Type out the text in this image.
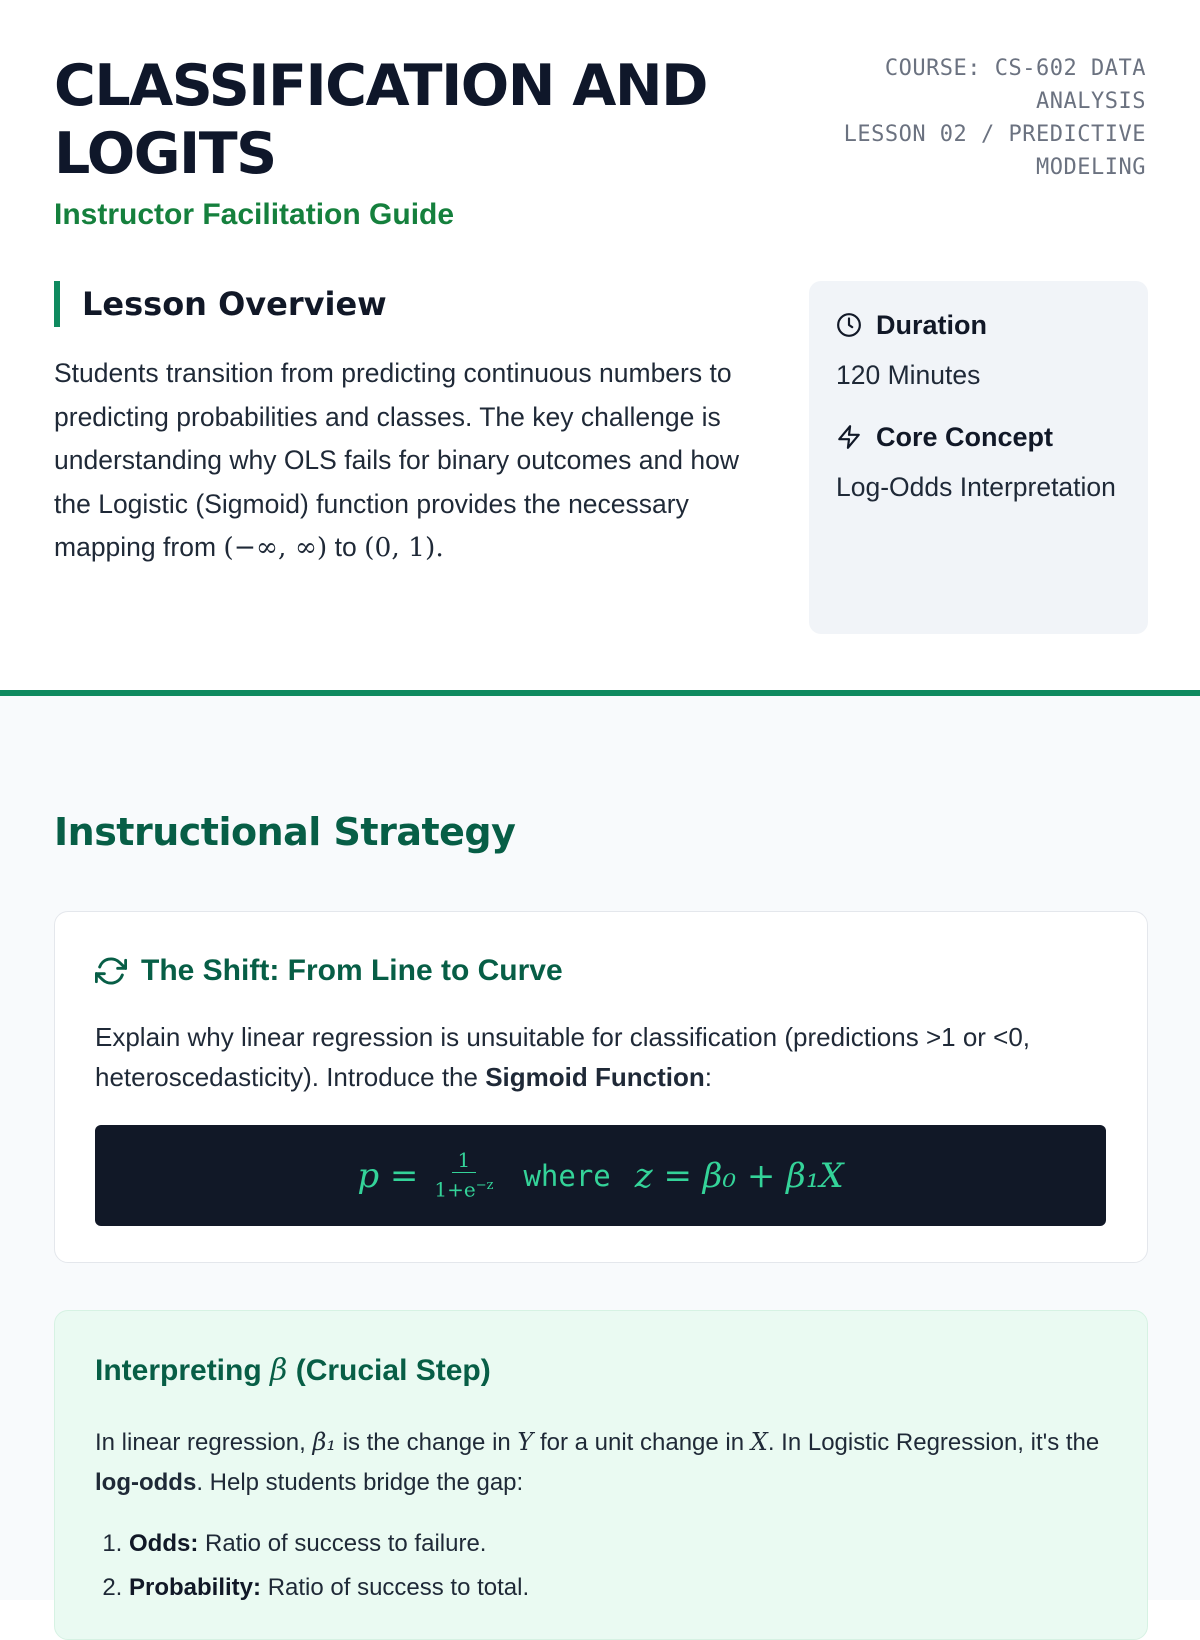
CLASSIFICATION AND LOGITS

Instructor Facilitation Guide

COURSE: CS-602 DATA ANALYSIS
LESSON 02 / PREDICTIVE MODELING
Lesson Overview

Students transition from predicting continuous numbers to predicting probabilities and classes. The key challenge is understanding why OLS fails for binary outcomes and how the Logistic (Sigmoid) function provides the necessary mapping from (−∞, ∞) to (0, 1).

Duration
120 Minutes
Core Concept
Log-Odds Interpretation
Instructional Strategy
The Shift: From Line to Curve

Explain why linear regression is unsuitable for classification (predictions >1 or <0, heteroscedasticity). Introduce the Sigmoid Function:

$p = \frac{1}{1+e^{-z}}$ where z = β₀ + β₁X
Interpreting β (Crucial Step)

In linear regression, β₁ is the change in Y for a unit change in X. In Logistic Regression, it's the log-odds. Help students bridge the gap:

1. Odds: Ratio of success to failure.
2. Probability: Ratio of success to total.
